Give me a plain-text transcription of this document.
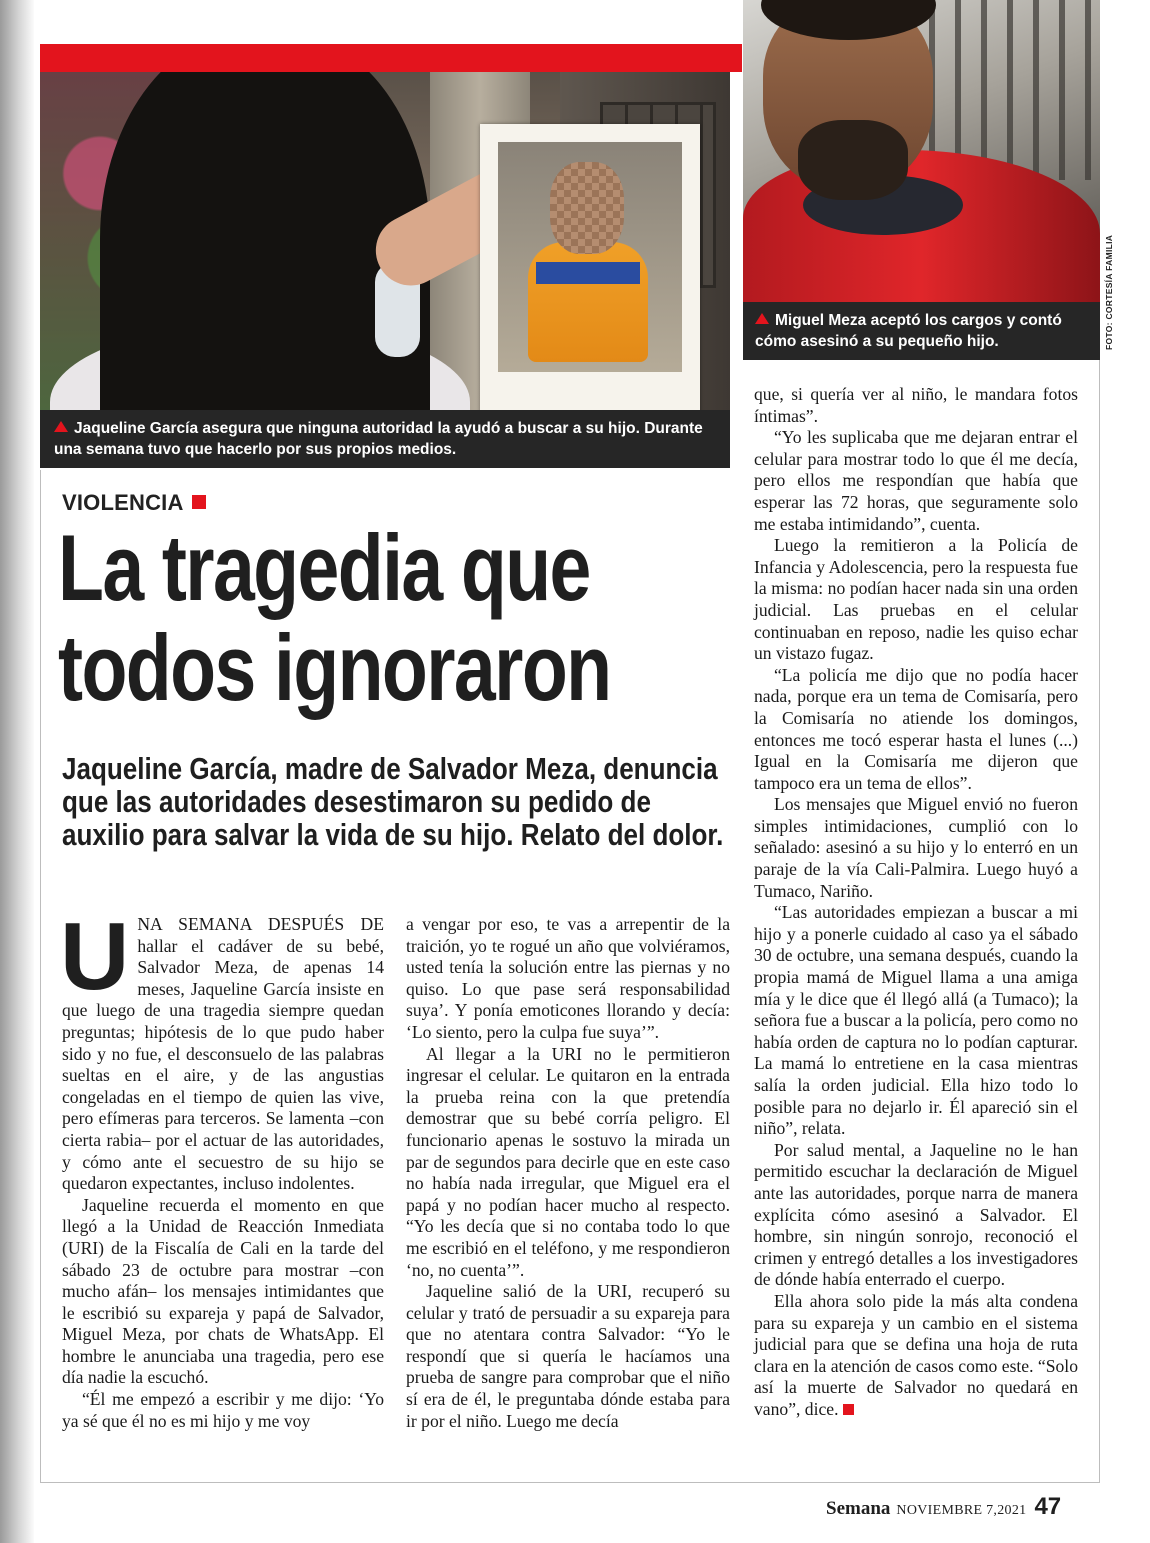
Jaqueline García asegura que ninguna autoridad la ayudó a buscar a su hijo. Durante una semana tuvo que hacerlo por sus propios medios.
Miguel Meza aceptó los cargos y contó cómo asesinó a su pequeño hijo.	FOTO: CORTESÍA FAMILIA
VIOLENCIA
La tragedia que
todos ignoraron
Jaqueline García, madre de Salvador Meza, denuncia que las autoridades desestimaron su pedido de auxilio para salvar la vida de su hijo. Relato del dolor.

UNA SEMANA DESPUÉS DE hallar el cadáver de su bebé, Salvador Meza, de apenas 14 meses, Jaqueline García insiste en que luego de una tragedia siempre quedan preguntas; hipótesis de lo que pudo haber sido y no fue, el desconsuelo de las palabras sueltas en el aire, y de las angustias congeladas en el tiempo de quien las vive, pero efímeras para terceros. Se lamenta –con cierta rabia– por el actuar de las autoridades, y cómo ante el secuestro de su hijo se quedaron expectantes, incluso indolentes.

Jaqueline recuerda el momento en que llegó a la Unidad de Reacción Inmediata (URI) de la Fiscalía de Cali en la tarde del sábado 23 de octubre para mostrar –con mucho afán– los mensajes intimidantes que le escribió su expareja y papá de Salvador, Miguel Meza, por chats de WhatsApp. El hombre le anunciaba una tragedia, pero ese día nadie la escuchó.

“Él me empezó a escribir y me dijo: ‘Yo ya sé que él no es mi hijo y me voy

a vengar por eso, te vas a arrepentir de la traición, yo te rogué un año que volviéramos, usted tenía la solución entre las piernas y no quiso. Lo que pase será responsabilidad suya’. Y ponía emoticones llorando y decía: ‘Lo siento, pero la culpa fue suya’”.

Al llegar a la URI no le permitieron ingresar el celular. Le quitaron en la entrada la prueba reina con la que pretendía demostrar que su bebé corría peligro. El funcionario apenas le sostuvo la mirada un par de segundos para decirle que en este caso no había nada irregular, que Miguel era el papá y no podían hacer mucho al respecto. “Yo les decía que si no contaba todo lo que me escribió en el teléfono, y me respondieron ‘no, no cuenta’”.

Jaqueline salió de la URI, recuperó su celular y trató de persuadir a su expareja para que no atentara contra Salvador: “Yo le respondí que si quería le hacíamos una prueba de sangre para comprobar que el niño sí era de él, le preguntaba dónde estaba para ir por el niño. Luego me decía

que, si quería ver al niño, le mandara fotos íntimas”.

“Yo les suplicaba que me dejaran entrar el celular para mostrar todo lo que él me decía, pero ellos me respondían que había que esperar las 72 horas, que seguramente solo me estaba intimidando”, cuenta.

Luego la remitieron a la Policía de Infancia y Adolescencia, pero la respuesta fue la misma: no podían hacer nada sin una orden judicial. Las pruebas en el celular continuaban en reposo, nadie les quiso echar un vistazo fugaz.

“La policía me dijo que no podía hacer nada, porque era un tema de Comisaría, pero la Comisaría no atiende los domingos, entonces me tocó esperar hasta el lunes (...) Igual en la Comisaría me dijeron que tampoco era un tema de ellos”.

Los mensajes que Miguel envió no fueron simples intimidaciones, cumplió con lo señalado: asesinó a su hijo y lo enterró en un paraje de la vía Cali-Palmira. Luego huyó a Tumaco, Nariño.

“Las autoridades empiezan a buscar a mi hijo y a ponerle cuidado al caso ya el sábado 30 de octubre, una semana después, cuando la propia mamá de Miguel llama a una amiga mía y le dice que él llegó allá (a Tumaco); la señora fue a buscar a la policía, pero como no había orden de captura no lo podían capturar. La mamá lo entretiene en la casa mientras salía la orden judicial. Ella hizo todo lo posible para no dejarlo ir. Él apareció sin el niño”, relata.

Por salud mental, a Jaqueline no le han permitido escuchar la declaración de Miguel ante las autoridades, porque narra de manera explícita cómo asesinó a Salvador. El hombre, sin ningún sonrojo, reconoció el crimen y entregó detalles a los investigadores de dónde había enterrado el cuerpo.

Ella ahora solo pide la más alta condena para su expareja y un cambio en el sistema judicial para que se defina una hoja de ruta clara en la atención de casos como este. “Solo así la muerte de Salvador no quedará en vano”, dice.

Semana NOVIEMBRE 7,2021 47
